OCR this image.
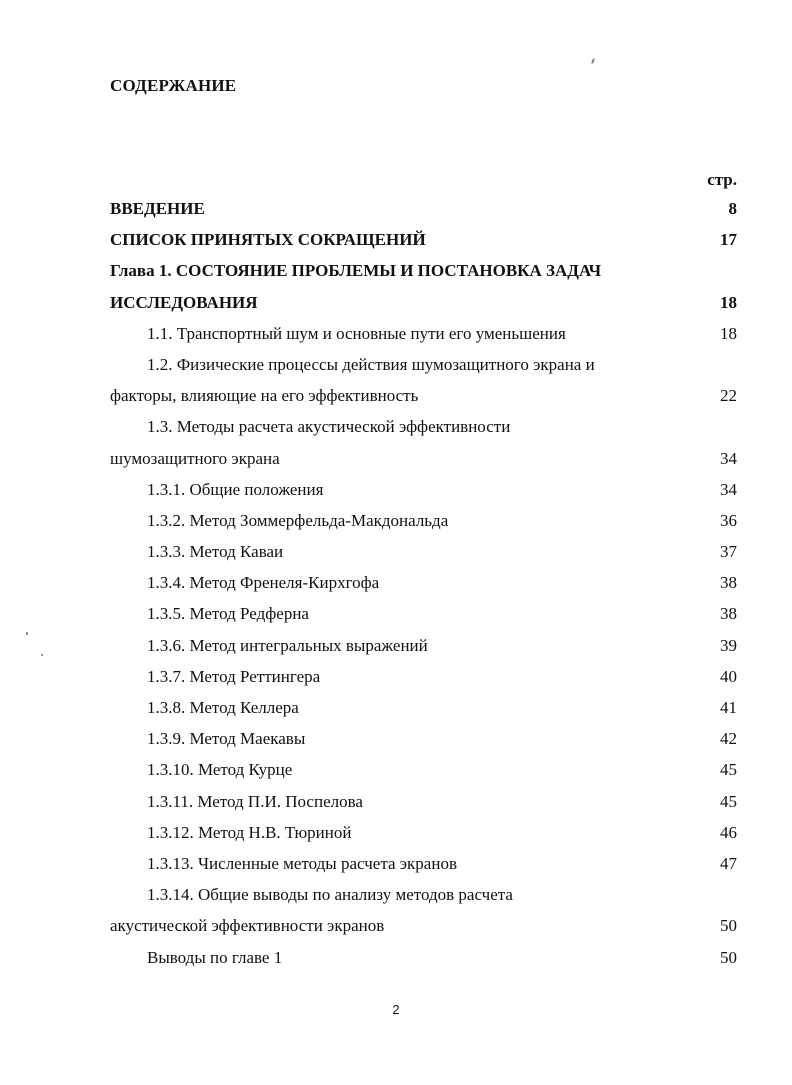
СОДЕРЖАНИЕ
стр.
ВВЕДЕНИЕ	8
СПИСОК ПРИНЯТЫХ СОКРАЩЕНИЙ	17
Глава 1. СОСТОЯНИЕ ПРОБЛЕМЫ И ПОСТАНОВКА ЗАДАЧ
ИССЛЕДОВАНИЯ	18
1.1. Транспортный шум и основные пути его уменьшения	18
1.2. Физические процессы действия шумозащитного экрана и
факторы, влияющие на его эффективность	22
1.3. Методы расчета акустической эффективности
шумозащитного экрана	34
1.3.1. Общие положения	34
1.3.2. Метод Зоммерфельда-Макдональда	36
1.3.3. Метод Каваи	37
1.3.4. Метод Френеля-Кирхгофа	38
1.3.5. Метод Редферна	38
1.3.6. Метод интегральных выражений	39
1.3.7. Метод Реттингера	40
1.3.8. Метод Келлера	41
1.3.9. Метод Маекавы	42
1.3.10. Метод Курце	45
1.3.11. Метод П.И. Поспелова	45
1.3.12. Метод Н.В. Тюриной	46
1.3.13. Численные методы расчета экранов	47
1.3.14. Общие выводы по анализу методов расчета
акустической эффективности экранов	50
Выводы по главе 1	50
2
